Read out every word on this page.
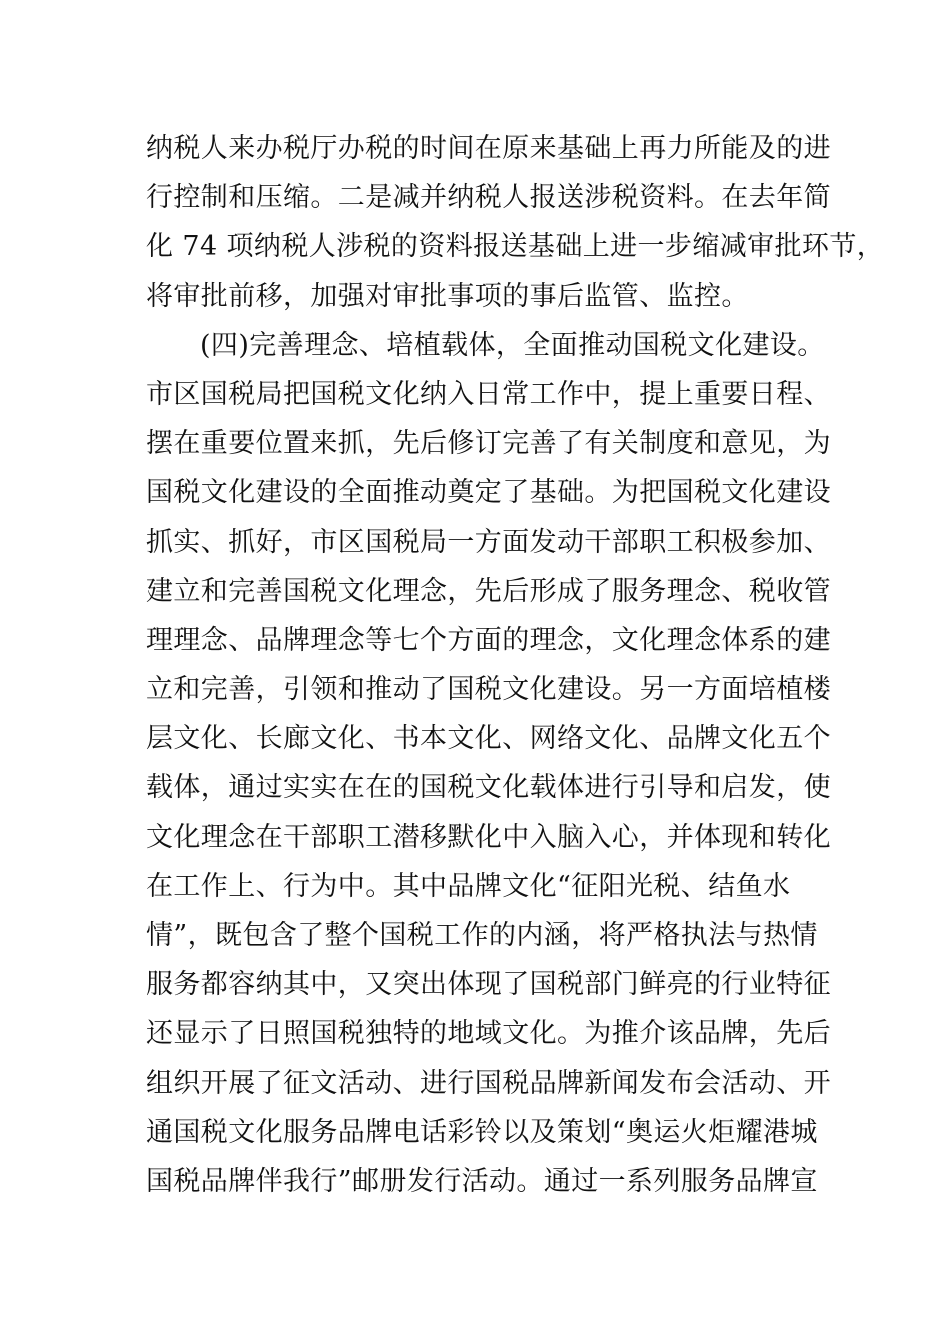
纳税人来办税厅办税的时间在原来基础上再力所能及的进
行控制和压缩。二是减并纳税人报送涉税资料。在去年简
化 74 项纳税人涉税的资料报送基础上进一步缩减审批环节，
将审批前移，加强对审批事项的事后监管、监控。
(四)完善理念、培植载体，全面推动国税文化建设。
市区国税局把国税文化纳入日常工作中，提上重要日程、
摆在重要位置来抓，先后修订完善了有关制度和意见，为
国税文化建设的全面推动奠定了基础。为把国税文化建设
抓实、抓好，市区国税局一方面发动干部职工积极参加、
建立和完善国税文化理念，先后形成了服务理念、税收管
理理念、品牌理念等七个方面的理念，文化理念体系的建
立和完善，引领和推动了国税文化建设。另一方面培植楼
层文化、长廊文化、书本文化、网络文化、品牌文化五个
载体，通过实实在在的国税文化载体进行引导和启发，使
文化理念在干部职工潜移默化中入脑入心，并体现和转化
在工作上、行为中。其中品牌文化“征阳光税、结鱼水
情”，既包含了整个国税工作的内涵，将严格执法与热情
服务都容纳其中，又突出体现了国税部门鲜亮的行业特征
还显示了日照国税独特的地域文化。为推介该品牌，先后
组织开展了征文活动、进行国税品牌新闻发布会活动、开
通国税文化服务品牌电话彩铃以及策划“奥运火炬耀港城
国税品牌伴我行”邮册发行活动。通过一系列服务品牌宣
